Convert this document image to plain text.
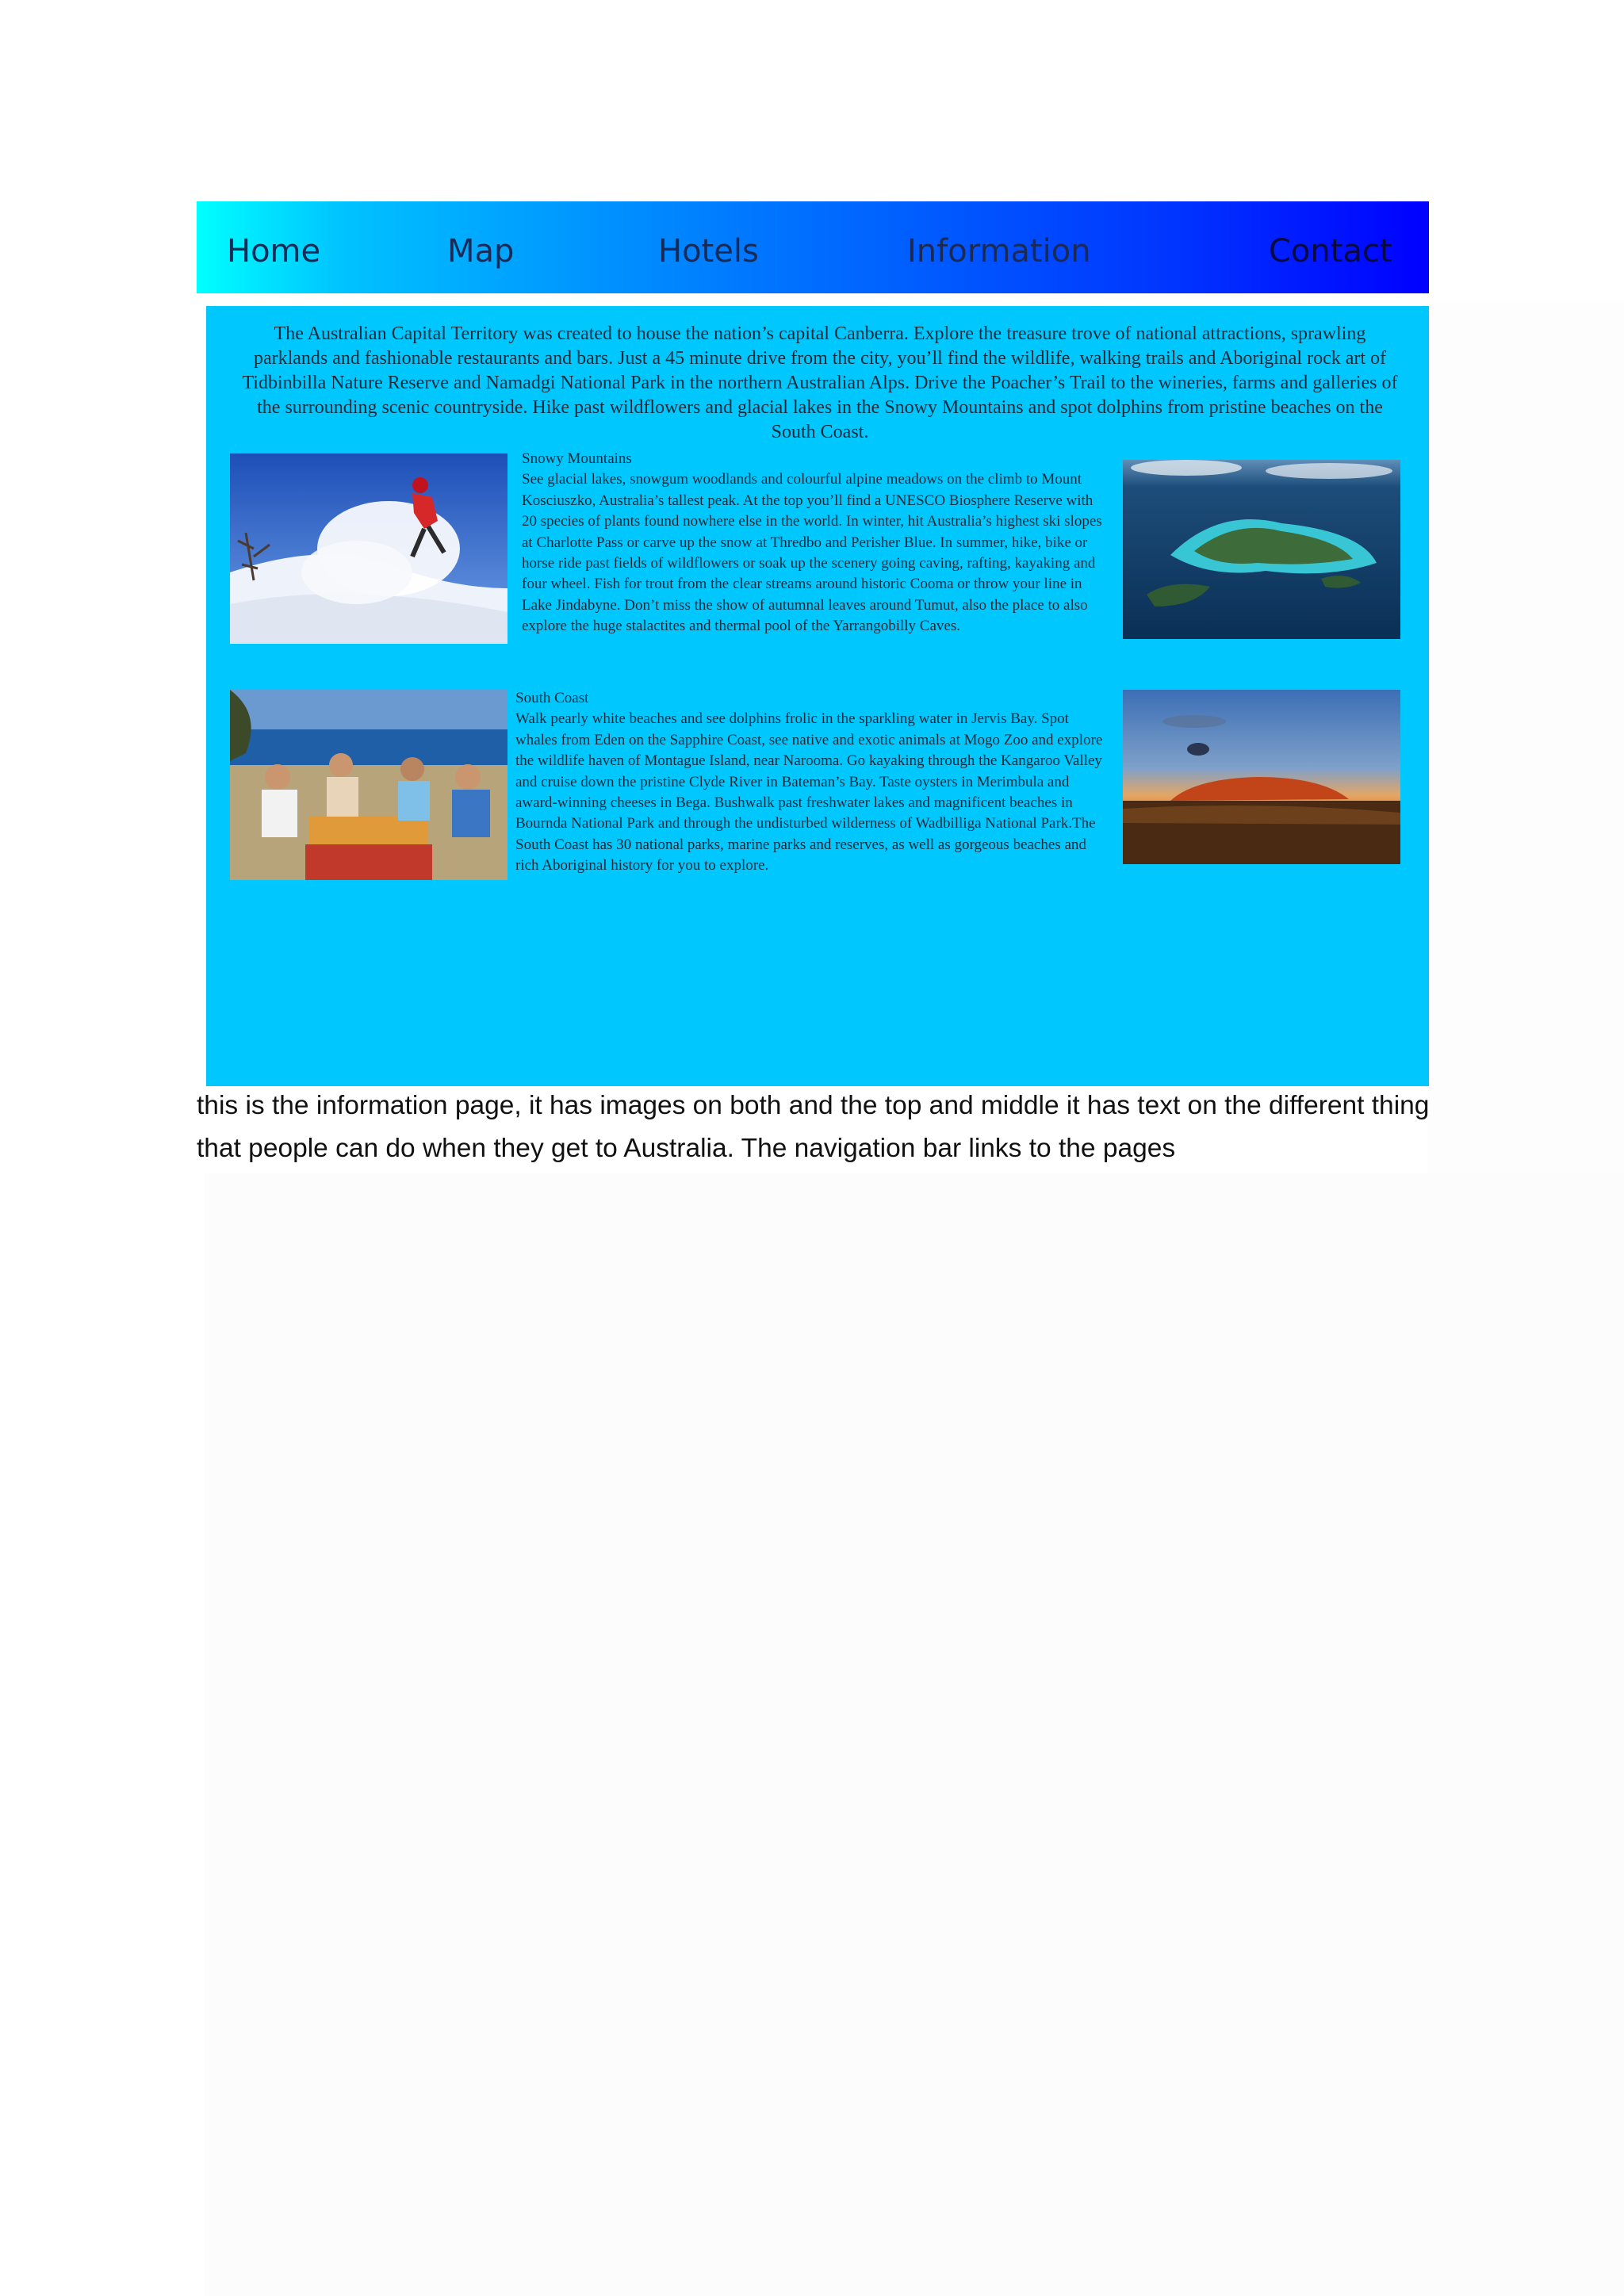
Home	Map	Hotels	Information	Contact
The Australian Capital Territory was created to house the nation’s capital Canberra. Explore the treasure trove of national attractions, sprawling parklands and fashionable restaurants and bars. Just a 45 minute drive from the city, you’ll find the wildlife, walking trails and Aboriginal rock art of Tidbinbilla Nature Reserve and Namadgi National Park in the northern Australian Alps. Drive the Poacher’s Trail to the wineries, farms and galleries of the surrounding scenic countryside. Hike past wildflowers and glacial lakes in the Snowy Mountains and spot dolphins from pristine beaches on the South Coast.
Snowy Mountains
See glacial lakes, snowgum woodlands and colourful alpine meadows on the climb to Mount Kosciuszko, Australia’s tallest peak. At the top you’ll find a UNESCO Biosphere Reserve with 20 species of plants found nowhere else in the world. In winter, hit Australia’s highest ski slopes at Charlotte Pass or carve up the snow at Thredbo and Perisher Blue. In summer, hike, bike or horse ride past fields of wildflowers or soak up the scenery going caving, rafting, kayaking and four wheel. Fish for trout from the clear streams around historic Cooma or throw your line in Lake Jindabyne. Don’t miss the show of autumnal leaves around Tumut, also the place to also explore the huge stalactites and thermal pool of the Yarrangobilly Caves.
South Coast
Walk pearly white beaches and see dolphins frolic in the sparkling water in Jervis Bay. Spot whales from Eden on the Sapphire Coast, see native and exotic animals at Mogo Zoo and explore the wildlife haven of Montague Island, near Narooma. Go kayaking through the Kangaroo Valley and cruise down the pristine Clyde River in Bateman’s Bay. Taste oysters in Merimbula and award-winning cheeses in Bega. Bushwalk past freshwater lakes and magnificent beaches in Bournda National Park and through the undisturbed wilderness of Wadbilliga National Park.The South Coast has 30 national parks, marine parks and reserves, as well as gorgeous beaches and rich Aboriginal history for you to explore.
this is the information page, it has images on both and the top and middle it has text on the different thing that people can do when they get to Australia. The navigation bar links to the pages
